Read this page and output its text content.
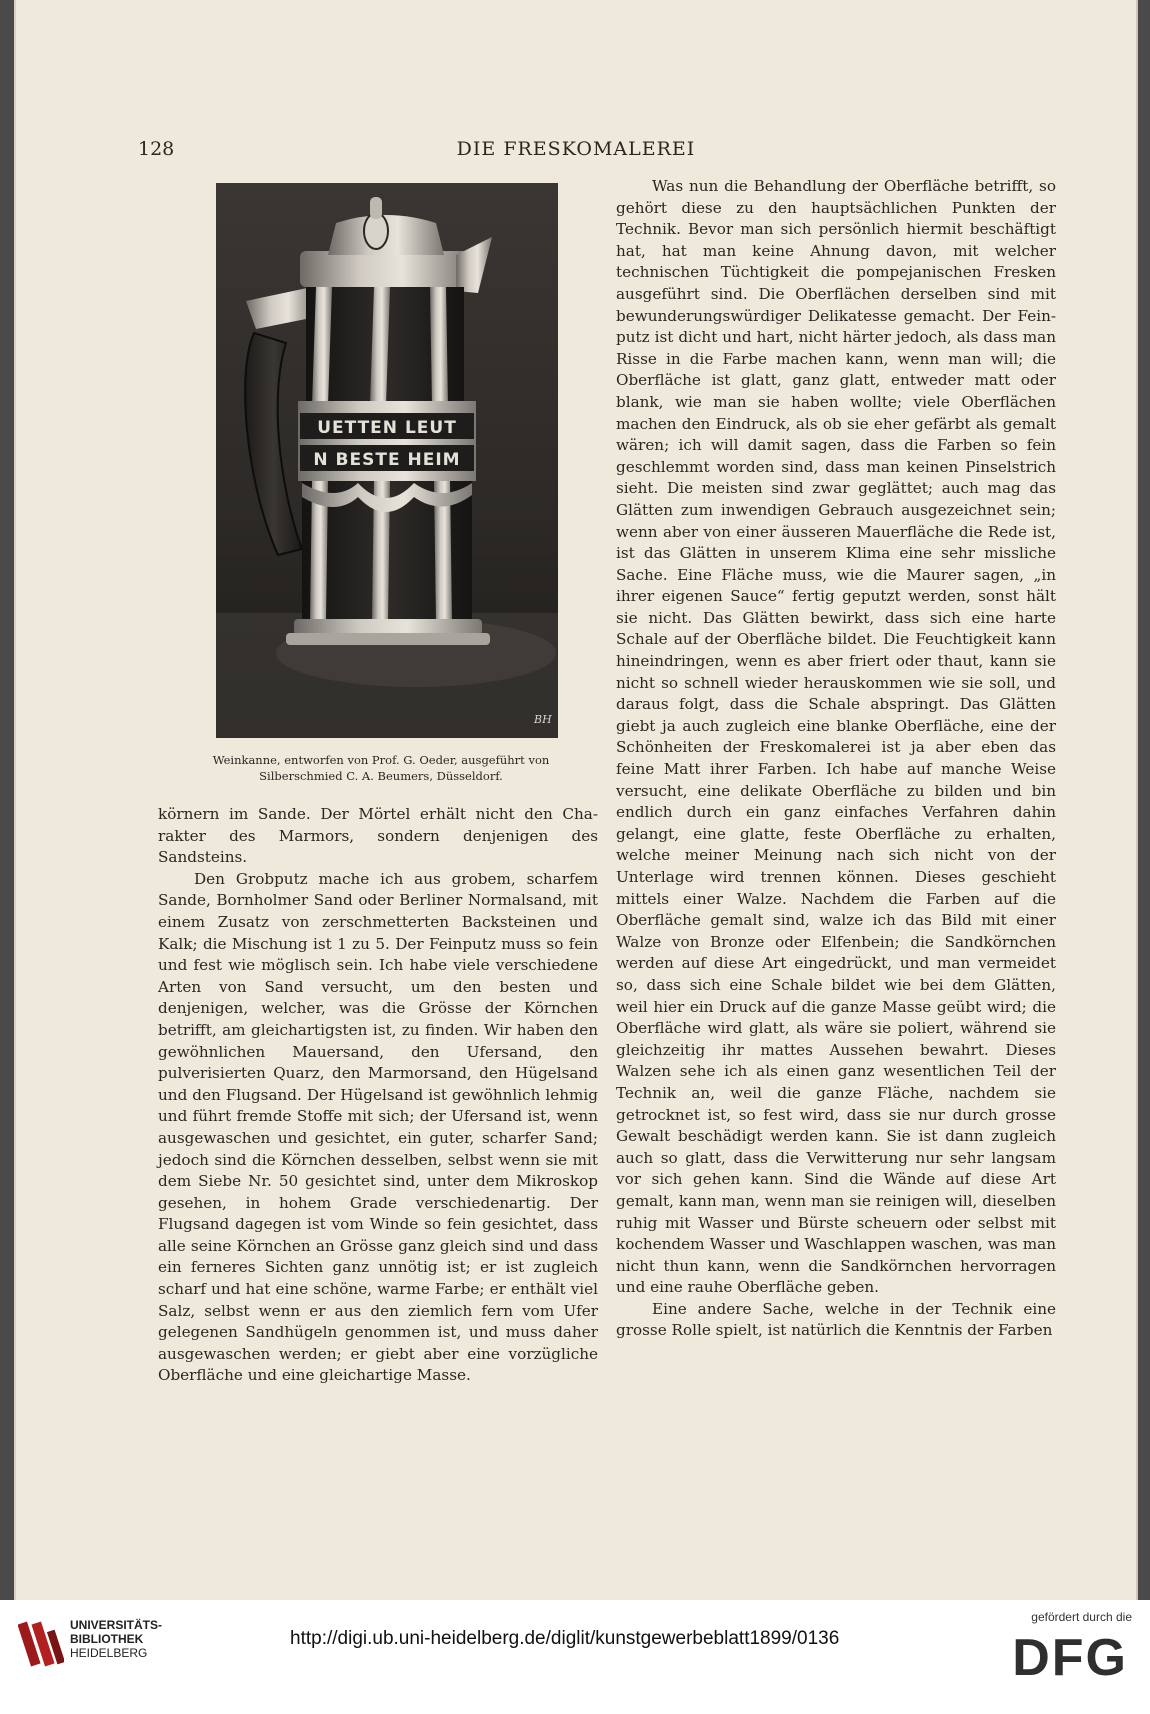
128	DIE FRESKOMALEREI
UETTEN LEUT
N BESTE HEIM
BH
Weinkanne, entworfen von Prof. G. Oeder, ausgeführt von
Silberschmied C. A. Beumers, Düsseldorf.

körnern im Sande. Der Mörtel erhält nicht den Charakter des Marmors, sondern denjenigen des Sandsteins.

Den Grobputz mache ich aus grobem, scharfem Sande, Bornholmer Sand oder Berliner Normalsand, mit einem Zusatz von zerschmetterten Backsteinen und Kalk; die Mischung ist 1 zu 5. Der Feinputz muss so fein und fest wie möglisch sein. Ich habe viele verschiedene Arten von Sand versucht, um den besten und denjenigen, welcher, was die Grösse der Körnchen betrifft, am gleichartigsten ist, zu finden. Wir haben den gewöhnlichen Mauersand, den Ufersand, den pulverisierten Quarz, den Marmorsand, den Hügelsand und den Flugsand. Der Hügelsand ist gewöhnlich lehmig und führt fremde Stoffe mit sich; der Ufersand ist, wenn ausgewaschen und gesichtet, ein guter, scharfer Sand; jedoch sind die Körnchen desselben, selbst wenn sie mit dem Siebe Nr. 50 gesichtet sind, unter dem Mikroskop gesehen, in hohem Grade verschiedenartig. Der Flugsand dagegen ist vom Winde so fein gesichtet, dass alle seine Körnchen an Grösse ganz gleich sind und dass ein ferneres Sichten ganz unnötig ist; er ist zugleich scharf und hat eine schöne, warme Farbe; er enthält viel Salz, selbst wenn er aus den ziemlich fern vom Ufer gelegenen Sandhügeln genommen ist, und muss daher ausgewaschen werden; er giebt aber eine vorzügliche Oberfläche und eine gleichartige Masse.

Was nun die Behandlung der Oberfläche betrifft, so gehört diese zu den hauptsächlichen Punkten der Technik. Bevor man sich persönlich hiermit beschäftigt hat, hat man keine Ahnung davon, mit welcher technischen Tüchtigkeit die pompejanischen Fresken ausgeführt sind. Die Oberflächen derselben sind mit bewunderungswürdiger Delikatesse gemacht. Der Feinputz ist dicht und hart, nicht härter jedoch, als dass man Risse in die Farbe machen kann, wenn man will; die Oberfläche ist glatt, ganz glatt, entweder matt oder blank, wie man sie haben wollte; viele Oberflächen machen den Eindruck, als ob sie eher gefärbt als gemalt wären; ich will damit sagen, dass die Farben so fein geschlemmt worden sind, dass man keinen Pinselstrich sieht. Die meisten sind zwar geglättet; auch mag das Glätten zum inwendigen Gebrauch ausgezeichnet sein; wenn aber von einer äusseren Mauerfläche die Rede ist, ist das Glätten in unserem Klima eine sehr missliche Sache. Eine Fläche muss, wie die Maurer sagen, „in ihrer eigenen Sauce“ fertig geputzt werden, sonst hält sie nicht. Das Glätten bewirkt, dass sich eine harte Schale auf der Oberfläche bildet. Die Feuchtigkeit kann hineindringen, wenn es aber friert oder thaut, kann sie nicht so schnell wieder herauskommen wie sie soll, und daraus folgt, dass die Schale abspringt. Das Glätten giebt ja auch zugleich eine blanke Oberfläche, eine der Schönheiten der Freskomalerei ist ja aber eben das feine Matt ihrer Farben. Ich habe auf manche Weise versucht, eine delikate Oberfläche zu bilden und bin endlich durch ein ganz einfaches Verfahren dahin gelangt, eine glatte, feste Oberfläche zu erhalten, welche meiner Meinung nach sich nicht von der Unterlage wird trennen können. Dieses geschieht mittels einer Walze. Nachdem die Farben auf die Oberfläche gemalt sind, walze ich das Bild mit einer Walze von Bronze oder Elfenbein; die Sandkörnchen werden auf diese Art eingedrückt, und man vermeidet so, dass sich eine Schale bildet wie bei dem Glätten, weil hier ein Druck auf die ganze Masse geübt wird; die Oberfläche wird glatt, als wäre sie poliert, während sie gleichzeitig ihr mattes Aussehen bewahrt. Dieses Walzen sehe ich als einen ganz wesentlichen Teil der Technik an, weil die ganze Fläche, nachdem sie getrocknet ist, so fest wird, dass sie nur durch grosse Gewalt beschädigt werden kann. Sie ist dann zugleich auch so glatt, dass die Verwitterung nur sehr langsam vor sich gehen kann. Sind die Wände auf diese Art gemalt, kann man, wenn man sie reinigen will, dieselben ruhig mit Wasser und Bürste scheuern oder selbst mit kochendem Wasser und Waschlappen waschen, was man nicht thun kann, wenn die Sandkörnchen hervorragen und eine rauhe Oberfläche geben.

Eine andere Sache, welche in der Technik eine grosse Rolle spielt, ist natürlich die Kenntnis der Farben

UNIVERSITÄTS-
BIBLIOTHEK
HEIDELBERG
http://digi.ub.uni-heidelberg.de/diglit/kunstgewerbeblatt1899/0136
gefördert durch die
DFG
